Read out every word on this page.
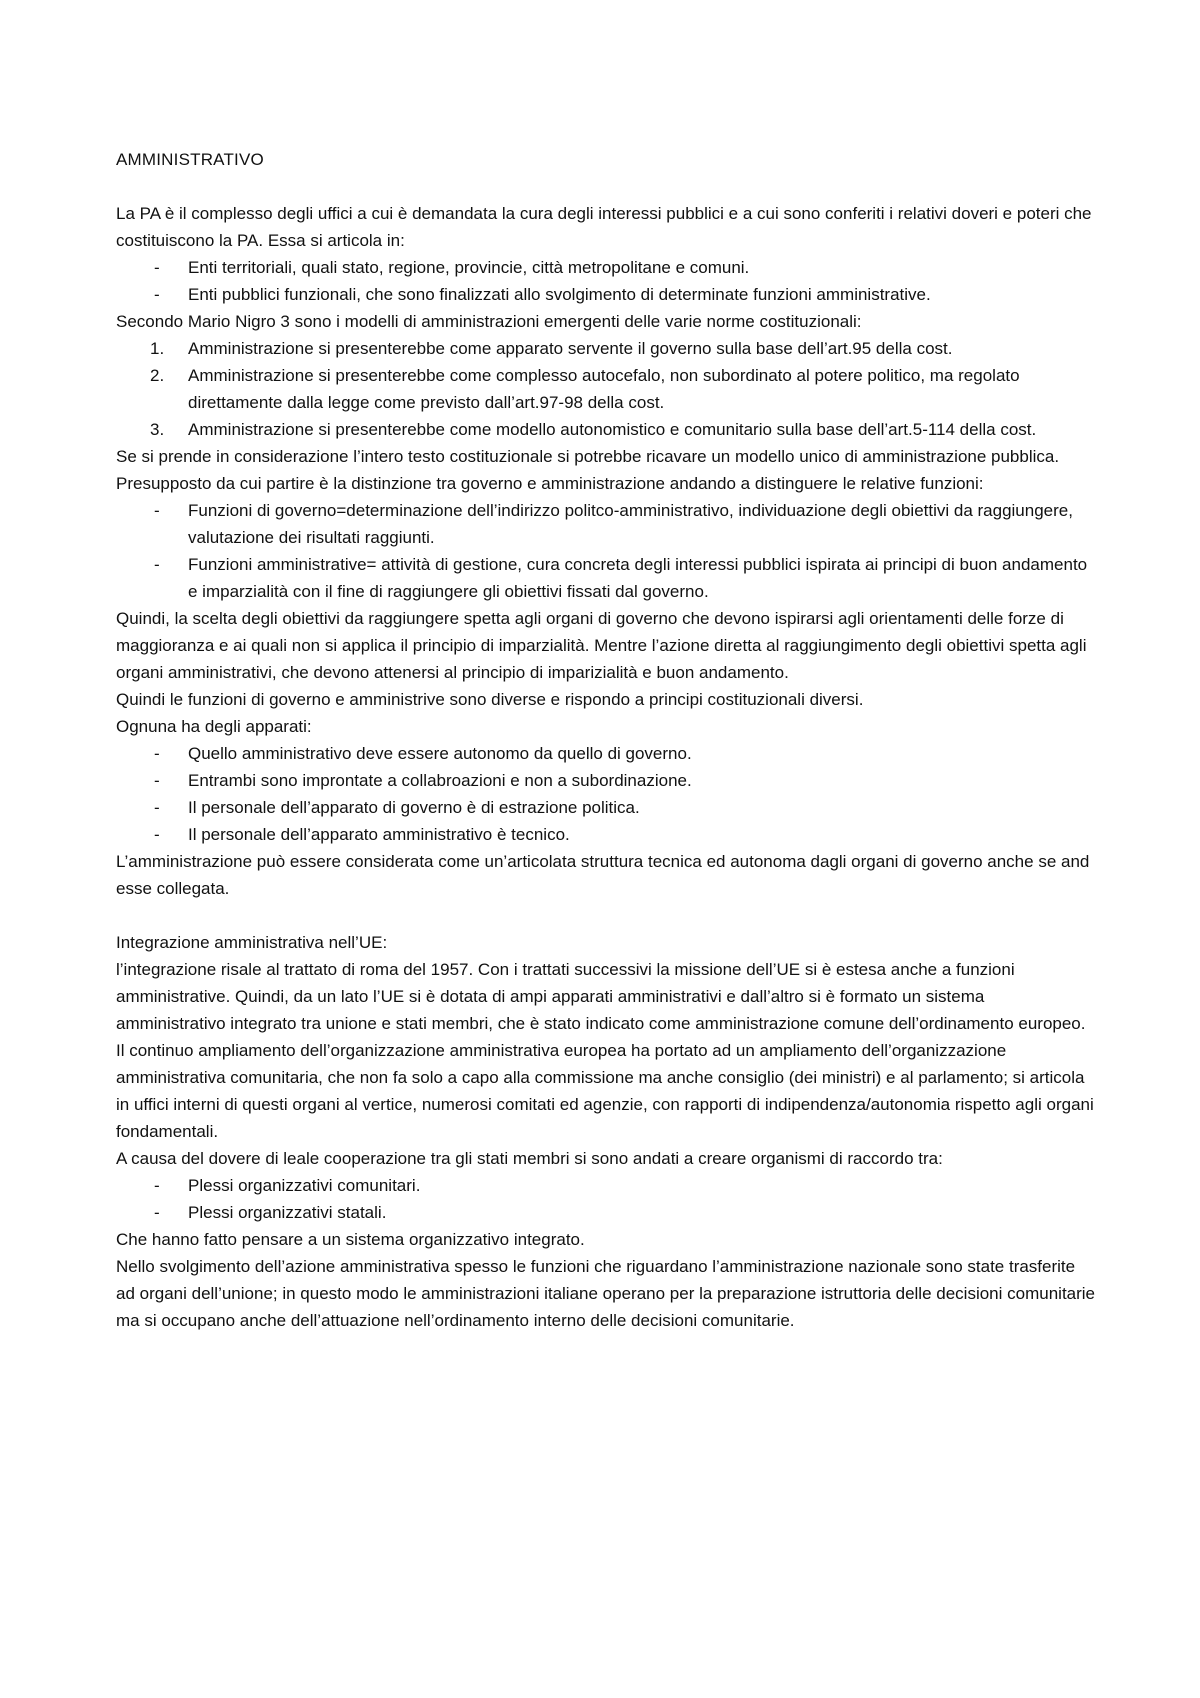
AMMINISTRATIVO

La PA è il complesso degli uffici a cui è demandata la cura degli interessi pubblici e a cui sono conferiti i relativi doveri e poteri che costituiscono la PA. Essa si articola in:

- Enti territoriali, quali stato, regione, provincie, città metropolitane e comuni.
- Enti pubblici funzionali, che sono finalizzati allo svolgimento di determinate funzioni amministrative.

Secondo Mario Nigro 3 sono i modelli di amministrazioni emergenti delle varie norme costituzionali:

1. Amministrazione si presenterebbe come apparato servente il governo sulla base dell’art.95 della cost.
2. Amministrazione si presenterebbe come complesso autocefalo, non subordinato al potere politico, ma regolato direttamente dalla legge come previsto dall’art.97-98 della cost.
3. Amministrazione si presenterebbe come modello autonomistico e comunitario sulla base dell’art.5-114 della cost.

Se si prende in considerazione l’intero testo costituzionale si potrebbe ricavare un modello unico di amministrazione pubblica.

Presupposto da cui partire è la distinzione tra governo e amministrazione andando a distinguere le relative funzioni:

- Funzioni di governo=determinazione dell’indirizzo politco-amministrativo, individuazione degli obiettivi da raggiungere, valutazione dei risultati raggiunti.
- Funzioni amministrative= attività di gestione, cura concreta degli interessi pubblici ispirata ai principi di buon andamento e imparzialità con il fine di raggiungere gli obiettivi fissati dal governo.

Quindi, la scelta degli obiettivi da raggiungere spetta agli organi di governo che devono ispirarsi agli orientamenti delle forze di maggioranza e ai quali non si applica il principio di imparzialità. Mentre l’azione diretta al raggiungimento degli obiettivi spetta agli organi amministrativi, che devono attenersi al principio di imparizialità e buon andamento.

Quindi le funzioni di governo e amministrive sono diverse e rispondo a principi costituzionali diversi.

Ognuna ha degli apparati:

- Quello amministrativo deve essere autonomo da quello di governo.
- Entrambi sono improntate a collabroazioni e non a subordinazione.
- Il personale dell’apparato di governo è di estrazione politica.
- Il personale dell’apparato amministrativo è tecnico.

L’amministrazione può essere considerata come un’articolata struttura tecnica ed autonoma dagli organi di governo anche se and esse collegata.

Integrazione amministrativa nell’UE:

l’integrazione risale al trattato di roma del 1957. Con i trattati successivi la missione dell’UE si è estesa anche a funzioni amministrative. Quindi, da un lato l’UE si è dotata di ampi apparati amministrativi e dall’altro si è formato un sistema amministrativo integrato tra unione e stati membri, che è stato indicato come amministrazione comune dell’ordinamento europeo. Il continuo ampliamento dell’organizzazione amministrativa europea ha portato ad un ampliamento dell’organizzazione amministrativa comunitaria, che non fa solo a capo alla commissione ma anche consiglio (dei ministri) e al parlamento; si articola in uffici interni di questi organi al vertice, numerosi comitati ed agenzie, con rapporti di indipendenza/autonomia rispetto agli organi fondamentali.

A causa del dovere di leale cooperazione tra gli stati membri si sono andati a creare organismi di raccordo tra:

- Plessi organizzativi comunitari.
- Plessi organizzativi statali.

Che hanno fatto pensare a un sistema organizzativo integrato.

Nello svolgimento dell’azione amministrativa spesso le funzioni che riguardano l’amministrazione nazionale sono state trasferite ad organi dell’unione; in questo modo le amministrazioni italiane operano per la preparazione istruttoria delle decisioni comunitarie ma si occupano anche dell’attuazione nell’ordinamento interno delle decisioni comunitarie.
